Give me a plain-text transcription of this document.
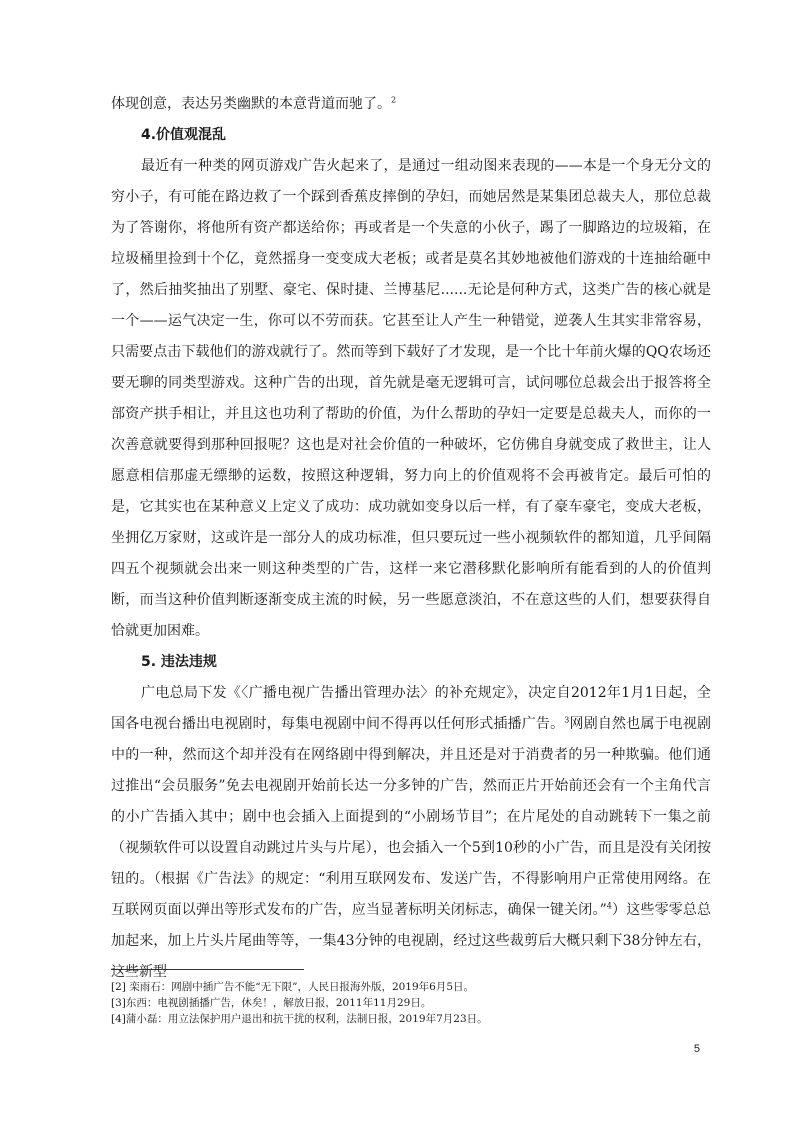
体现创意，表达另类幽默的本意背道而驰了。$^2$

4.价值观混乱

最近有一种类的网页游戏广告火起来了，是通过一组动图来表现的——本是一个身无分文的穷小子，有可能在路边救了一个踩到香蕉皮摔倒的孕妇，而她居然是某集团总裁夫人，那位总裁为了答谢你，将他所有资产都送给你；再或者是一个失意的小伙子，踢了一脚路边的垃圾箱，在垃圾桶里捡到十个亿，竟然摇身一变变成大老板；或者是莫名其妙地被他们游戏的十连抽给砸中了，然后抽奖抽出了别墅、豪宅、保时捷、兰博基尼......无论是何种方式，这类广告的核心就是一个——运气决定一生，你可以不劳而获。它甚至让人产生一种错觉，逆袭人生其实非常容易，只需要点击下载他们的游戏就行了。然而等到下载好了才发现，是一个比十年前火爆的QQ农场还要无聊的同类型游戏。这种广告的出现，首先就是毫无逻辑可言，试问哪位总裁会出于报答将全部资产拱手相让，并且这也功利了帮助的价值，为什么帮助的孕妇一定要是总裁夫人，而你的一次善意就要得到那种回报呢？这也是对社会价值的一种破坏，它仿佛自身就变成了救世主，让人愿意相信那虚无缥缈的运数，按照这种逻辑，努力向上的价值观将不会再被肯定。最后可怕的是，它其实也在某种意义上定义了成功：成功就如变身以后一样，有了豪车豪宅，变成大老板，坐拥亿万家财，这或许是一部分人的成功标准，但只要玩过一些小视频软件的都知道，几乎间隔四五个视频就会出来一则这种类型的广告，这样一来它潜移默化影响所有能看到的人的价值判断，而当这种价值判断逐渐变成主流的时候，另一些愿意淡泊，不在意这些的人们，想要获得自恰就更加困难。

5. 违法违规

广电总局下发《〈广播电视广告播出管理办法〉的补充规定》，决定自2012年1月1日起，全国各电视台播出电视剧时，每集电视剧中间不得再以任何形式插播广告。$^3$网剧自然也属于电视剧中的一种，然而这个却并没有在网络剧中得到解决，并且还是对于消费者的另一种欺骗。他们通过推出“会员服务”免去电视剧开始前长达一分多钟的广告，然而正片开始前还会有一个主角代言的小广告插入其中；剧中也会插入上面提到的“小剧场节目”；在片尾处的自动跳转下一集之前（视频软件可以设置自动跳过片头与片尾），也会插入一个5到10秒的小广告，而且是没有关闭按钮的。（根据《广告法》的规定：“利用互联网发布、发送广告，不得影响用户正常使用网络。在互联网页面以弹出等形式发布的广告，应当显著标明关闭标志，确保一键关闭。”$^4$）这些零零总总加起来，加上片头片尾曲等等，一集43分钟的电视剧，经过这些裁剪后大概只剩下38分钟左右，这些新型

[2] 栾雨石：网剧中插广告不能“无下限”，人民日报海外版，2019年6月5日。
[3]东西：电视剧插播广告，休矣！，解放日报，2011年11月29日。
[4]蒲小磊：用立法保护用户退出和抗干扰的权利，法制日报，2019年7月23日。
5
